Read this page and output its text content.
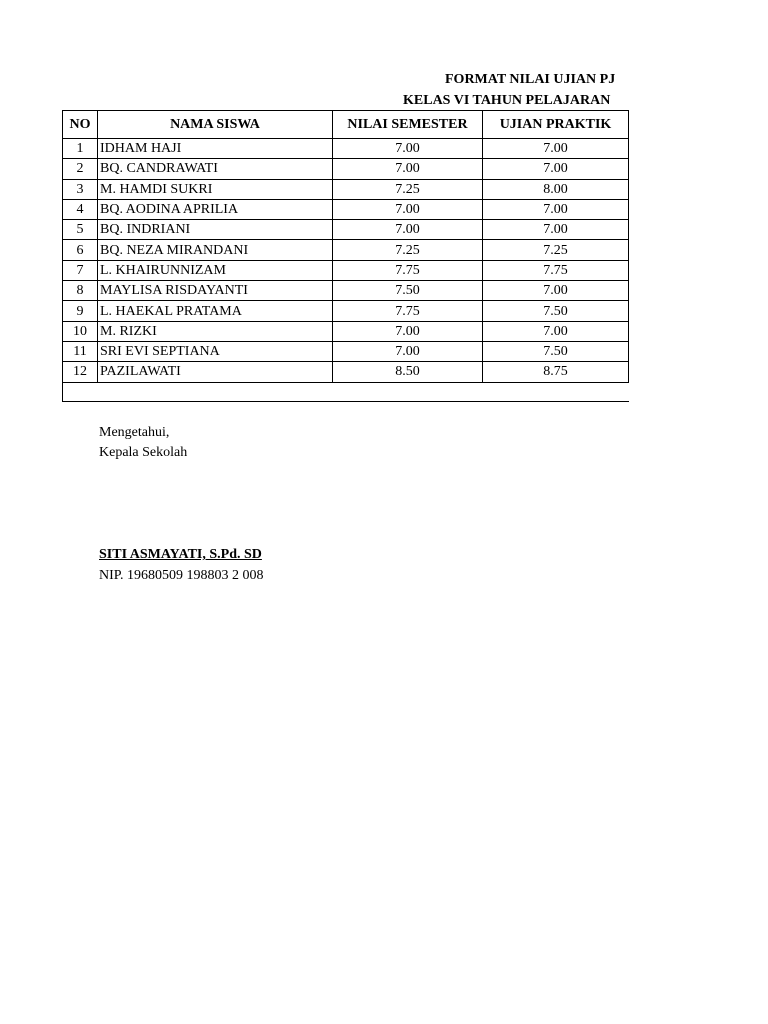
FORMAT NILAI UJIAN PJ
KELAS VI TAHUN PELAJARAN
NO	NAMA SISWA	NILAI SEMESTER	UJIAN PRAKTIK
1	IDHAM HAJI	7.00	7.00
2	BQ. CANDRAWATI	7.00	7.00
3	M. HAMDI SUKRI	7.25	8.00
4	BQ. AODINA APRILIA	7.00	7.00
5	BQ. INDRIANI	7.00	7.00
6	BQ. NEZA MIRANDANI	7.25	7.25
7	L. KHAIRUNNIZAM	7.75	7.75
8	MAYLISA RISDAYANTI	7.50	7.00
9	L. HAEKAL PRATAMA	7.75	7.50
10	M. RIZKI	7.00	7.00
11	SRI EVI SEPTIANA	7.00	7.50
12	PAZILAWATI	8.50	8.75

Mengetahui,
Kepala Sekolah
SITI ASMAYATI, S.Pd. SD
NIP. 19680509 198803 2 008
